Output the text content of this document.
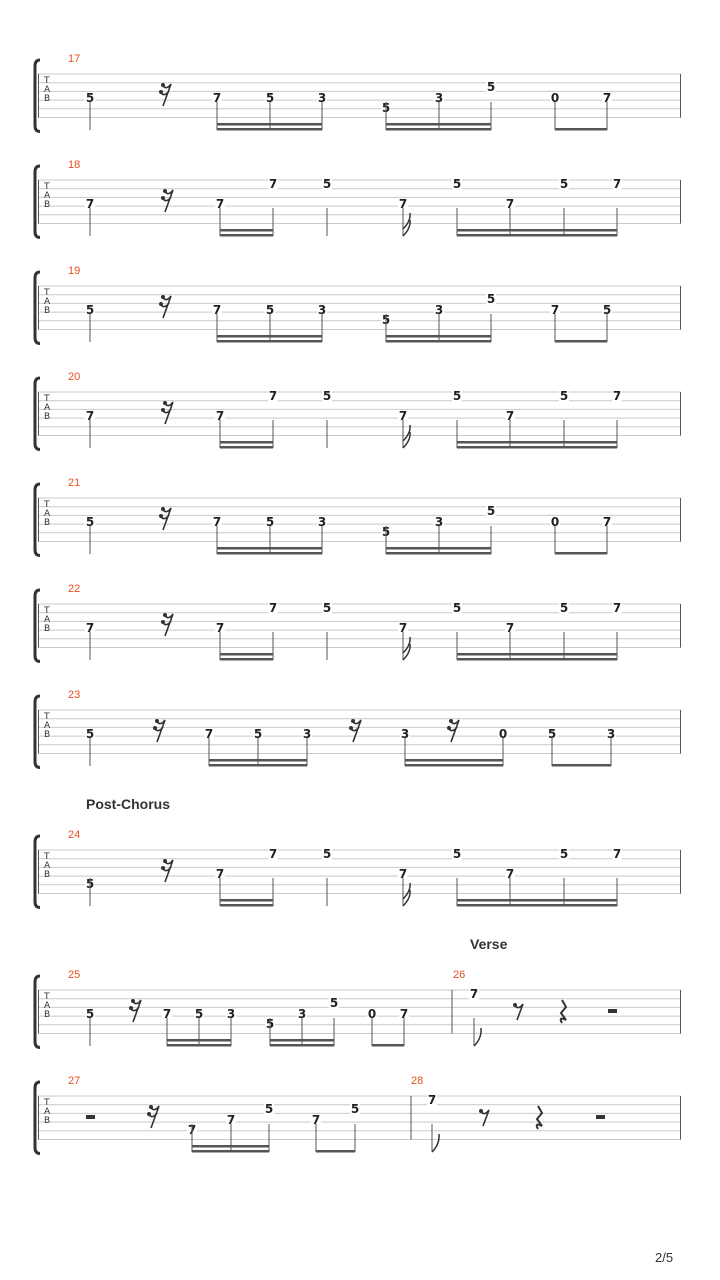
T
A
B
17
5	7	5	3
5
3
5
0	7
T
A
B
18
7	7
7	5
7
5
7
5	7
T
A
B
19
5	7	5	3
5
3
5
7	5
T
A
B
20
7	7
7	5
7
5
7
5	7
T
A
B
21
5	7	5	3
5
3
5
0	7
T
A
B
22
7	7
7	5
7
5
7
5	7
T
A
B
23
5	7	5	3	3	0	5	3
T
A
B
24
5
7
7	5
7
5
7
5	7
T
A
B
25	26
5	7 5 3
5
3
5
0 7
7
T
A
B
27	28
7
7
5
7
5
7
Post-Chorus
Verse
2/5
